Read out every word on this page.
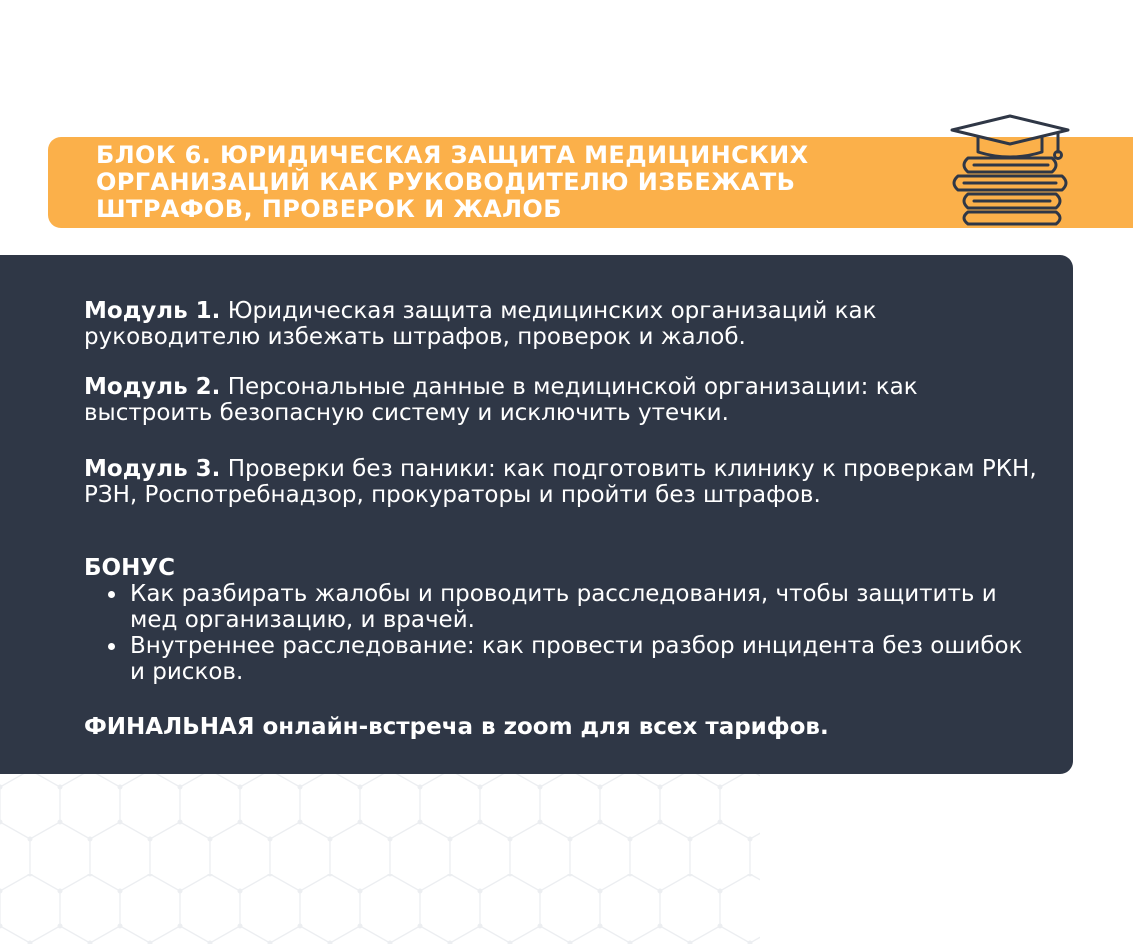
БЛОК 6. ЮРИДИЧЕСКАЯ ЗАЩИТА МЕДИЦИНСКИХ ОРГАНИЗАЦИЙ КАК РУКОВОДИТЕЛЮ ИЗБЕЖАТЬ ШТРАФОВ, ПРОВЕРОК И ЖАЛОБ

Модуль 1. Юридическая защита медицинских организаций как руководителю избежать штрафов, проверок и жалоб.

Модуль 2. Персональные данные в медицинской организации: как выстроить безопасную систему и исключить утечки.

Модуль 3. Проверки без паники: как подготовить клинику к проверкам РКН, РЗН, Роспотребнадзор, прокураторы и пройти без штрафов.

БОНУС

Как разбирать жалобы и проводить расследования, чтобы защитить и мед организацию, и врачей.
Внутреннее расследование: как провести разбор инцидента без ошибок и рисков.

ФИНАЛЬНАЯ онлайн-встреча в zoom для всех тарифов.
